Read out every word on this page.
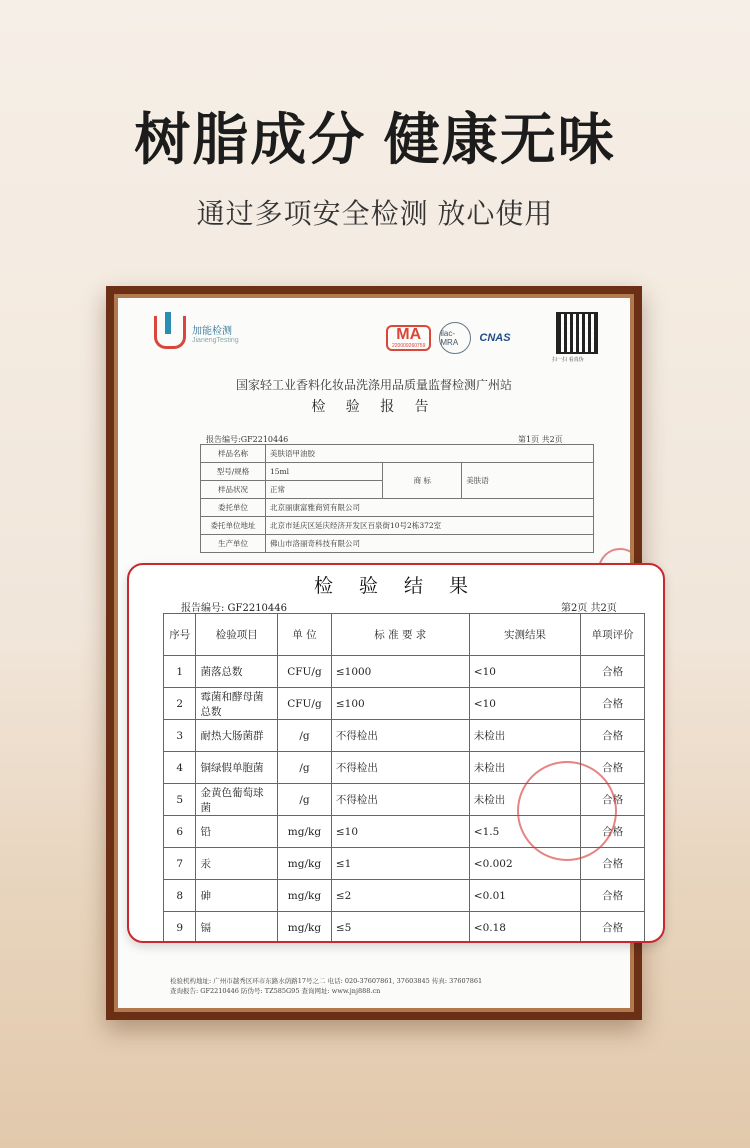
树脂成分 健康无味
通过多项安全检测 放心使用
加能检测
JianengTesting	MA
220009260759
ilac-MRA	CNAS
扫一扫 看真伪
国家轻工业香料化妆品洗涤用品质量监督检测广州站
检 验 报 告
报告编号:GF2210446	第1页 共2页
样品名称	美肤语甲油胶		
型号/规格	15ml	商 标	美肤语
样品状况	正常		
委托单位	北京丽康富雅商贸有限公司		
委托单位地址	北京市延庆区延庆经济开发区百泉街10号2栋372室		
生产单位	佛山市洛丽奇科技有限公司		
检验机构地址: 广州市越秀区环市东路水荫路17号之二 电话: 020-37607861, 37603845 传真: 37607861
查询报告: GF2210446 防伪号: TZ585G95 查询网址: www.jnj888.cn
检 验 结 果
报告编号: GF2210446	第2页 共2页
序号	检验项目	单 位	标 准 要 求	实测结果	单项评价
1	菌落总数	CFU/g	≤1000	<10	合格
2	霉菌和酵母菌总数	CFU/g	≤100	<10	合格
3	耐热大肠菌群	/g	不得检出	未检出	合格
4	铜绿假单胞菌	/g	不得检出	未检出	合格
5	金黄色葡萄球菌	/g	不得检出	未检出	合格
6	铅	mg/kg	≤10	<1.5	合格
7	汞	mg/kg	≤1	<0.002	合格
8	砷	mg/kg	≤2	<0.01	合格
9	镉	mg/kg	≤5	<0.18	合格
